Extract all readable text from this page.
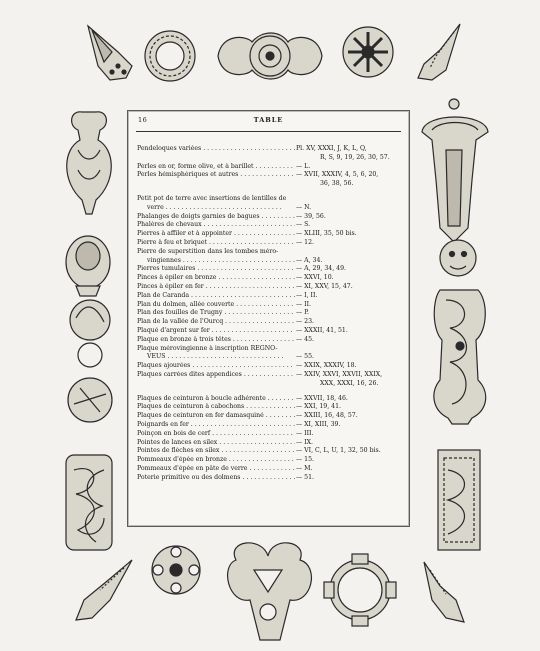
16	TABLE
Pendeloques variées . . .	Pl. XV, XXXI, J, K, L, Q,
R, S, 9, 19, 26, 30, 57.
Perles en or, forme olive, et à barillet . . .	— L.
Perles hémisphériques et autres . . .	— XVII, XXXIV, 4, 5, 6, 20,
36, 38, 56.
Petit pot de terre avec insertions de lentilles de
verre . . .	— N.
Phalanges de doigts garnies de bagues . . .	— 39, 56.
Phalères de chevaux . . .	— S.
Pierres à affiler et à appointer . . .	— XLIII, 35, 50 bis.
Pierre à feu et briquet . . .	— 12.
Pierre de superstition dans les tombes méro-
vingiennes . . .	— A, 34.
Pierres tumulaires . . .	— A, 29, 34, 49.
Pinces à épiler en bronze . . .	— XXVI, 10.
Pinces à épiler en fer . . .	— XI, XXV, 15, 47.
Plan de Caranda . . .	— I, II.
Plan du dolmen, allée couverte . . .	— II.
Plan des fouilles de Trugny . . .	— P.
Plan de la vallée de l'Ourcq . . .	— 23.
Plaqué d'argent sur fer . . .	— XXXII, 41, 51.
Plaque en bronze à trois têtes . . .	— 45.
Plaque mérovingienne à inscription REGNO-
VEUS . . .	— 55.
Plaques ajourées . . .	— XXIX, XXXIV, 18.
Plaques carrées dites appendices . . .	— XXIV, XXVI, XXVII, XXIX,
XXX, XXXI, 16, 26.
Plaques de ceinturon à boucle adhérente . . .	— XXVII, 18, 46.
Plaques de ceinturon à cabochons . . .	— XXI, 19, 41.
Plaques de ceinturon en fer damasquiné . . .	— XXIII, 16, 48, 57.
Poignards en fer . . .	— XI, XIII, 39.
Poinçon en bois de cerf . . .	— III.
Pointes de lances en silex . . .	— IX.
Pointes de flèches en silex . . .	— VI, C, L, U, 1, 32, 50 bis.
Pommeaux d'épée en bronze . . .	— 15.
Pommeaux d'épée en pâte de verre . . .	— M.
Poterie primitive ou des dolmens . . .	— 51.
